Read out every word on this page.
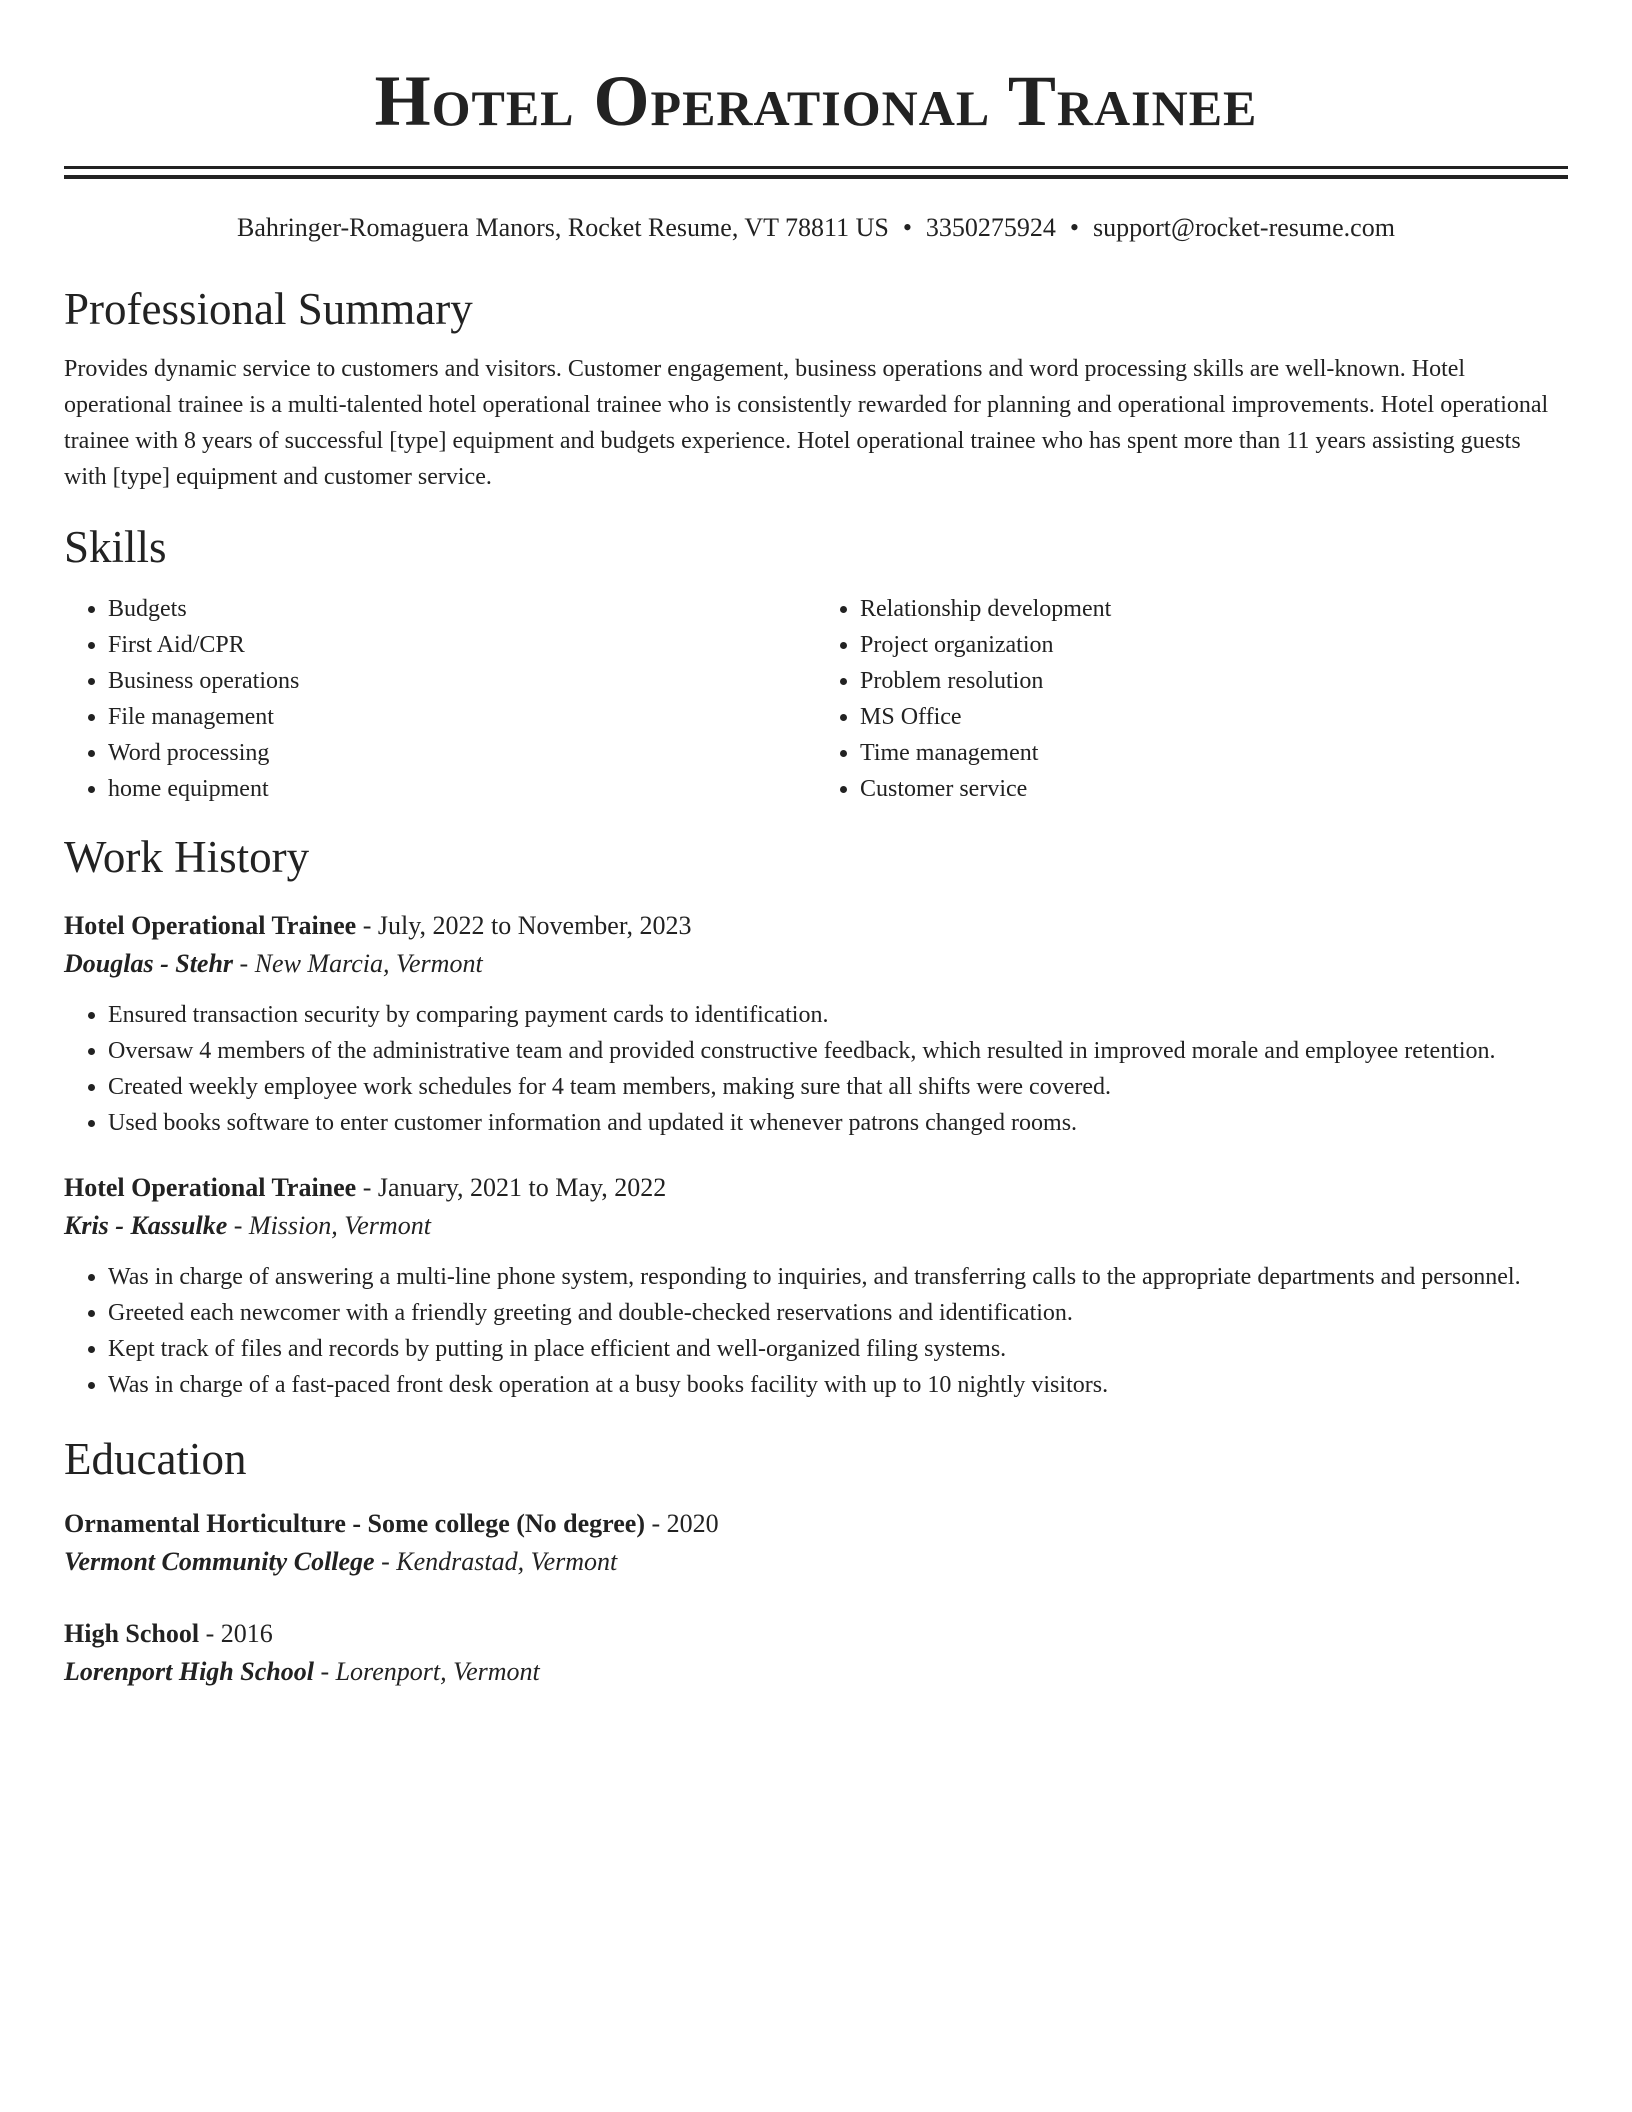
Hotel Operational Trainee
Bahringer-Romaguera Manors, Rocket Resume, VT 78811 US • 3350275924 • support@rocket-resume.com
Professional Summary
Provides dynamic service to customers and visitors. Customer engagement, business operations and word processing skills are well-known. Hotel operational trainee is a multi-talented hotel operational trainee who is consistently rewarded for planning and operational improvements. Hotel operational trainee with 8 years of successful [type] equipment and budgets experience. Hotel operational trainee who has spent more than 11 years assisting guests with [type] equipment and customer service.
Skills
• Budgets
• First Aid/CPR
• Business operations
• File management
• Word processing
• home equipment
• Relationship development
• Project organization
• Problem resolution
• MS Office
• Time management
• Customer service
Work History
Hotel Operational Trainee - July, 2022 to November, 2023
Douglas - Stehr - New Marcia, Vermont
• Ensured transaction security by comparing payment cards to identification.
• Oversaw 4 members of the administrative team and provided constructive feedback, which resulted in improved morale and employee retention.
• Created weekly employee work schedules for 4 team members, making sure that all shifts were covered.
• Used books software to enter customer information and updated it whenever patrons changed rooms.
Hotel Operational Trainee - January, 2021 to May, 2022
Kris - Kassulke - Mission, Vermont
• Was in charge of answering a multi-line phone system, responding to inquiries, and transferring calls to the appropriate departments and personnel.
• Greeted each newcomer with a friendly greeting and double-checked reservations and identification.
• Kept track of files and records by putting in place efficient and well-organized filing systems.
• Was in charge of a fast-paced front desk operation at a busy books facility with up to 10 nightly visitors.
Education
Ornamental Horticulture - Some college (No degree) - 2020
Vermont Community College - Kendrastad, Vermont
High School - 2016
Lorenport High School - Lorenport, Vermont
